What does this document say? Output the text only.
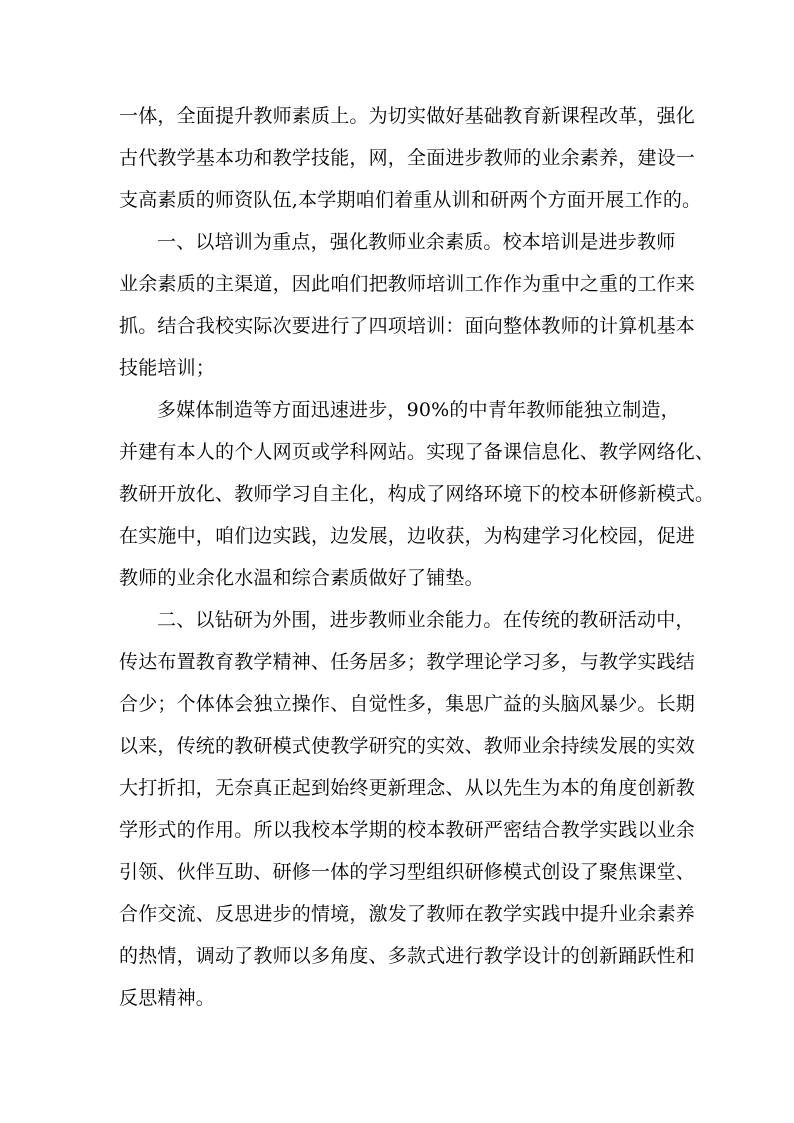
一体，全面提升教师素质上。为切实做好基础教育新课程改革，强化
古代教学基本功和教学技能，网，全面进步教师的业余素养，建设一
支高素质的师资队伍,本学期咱们着重从训和研两个方面开展工作的。
一、以培训为重点，强化教师业余素质。校本培训是进步教师
业余素质的主渠道，因此咱们把教师培训工作作为重中之重的工作来
抓。结合我校实际次要进行了四项培训：面向整体教师的计算机基本
技能培训；
多媒体制造等方面迅速进步，90%的中青年教师能独立制造，
并建有本人的个人网页或学科网站。实现了备课信息化、教学网络化、
教研开放化、教师学习自主化，构成了网络环境下的校本研修新模式。
在实施中，咱们边实践，边发展，边收获，为构建学习化校园，促进
教师的业余化水温和综合素质做好了铺垫。
二、以钻研为外围，进步教师业余能力。在传统的教研活动中，
传达布置教育教学精神、任务居多；教学理论学习多，与教学实践结
合少；个体体会独立操作、自觉性多，集思广益的头脑风暴少。长期
以来，传统的教研模式使教学研究的实效、教师业余持续发展的实效
大打折扣，无奈真正起到始终更新理念、从以先生为本的角度创新教
学形式的作用。所以我校本学期的校本教研严密结合教学实践以业余
引领、伙伴互助、研修一体的学习型组织研修模式创设了聚焦课堂、
合作交流、反思进步的情境，激发了教师在教学实践中提升业余素养
的热情，调动了教师以多角度、多款式进行教学设计的创新踊跃性和
反思精神。
